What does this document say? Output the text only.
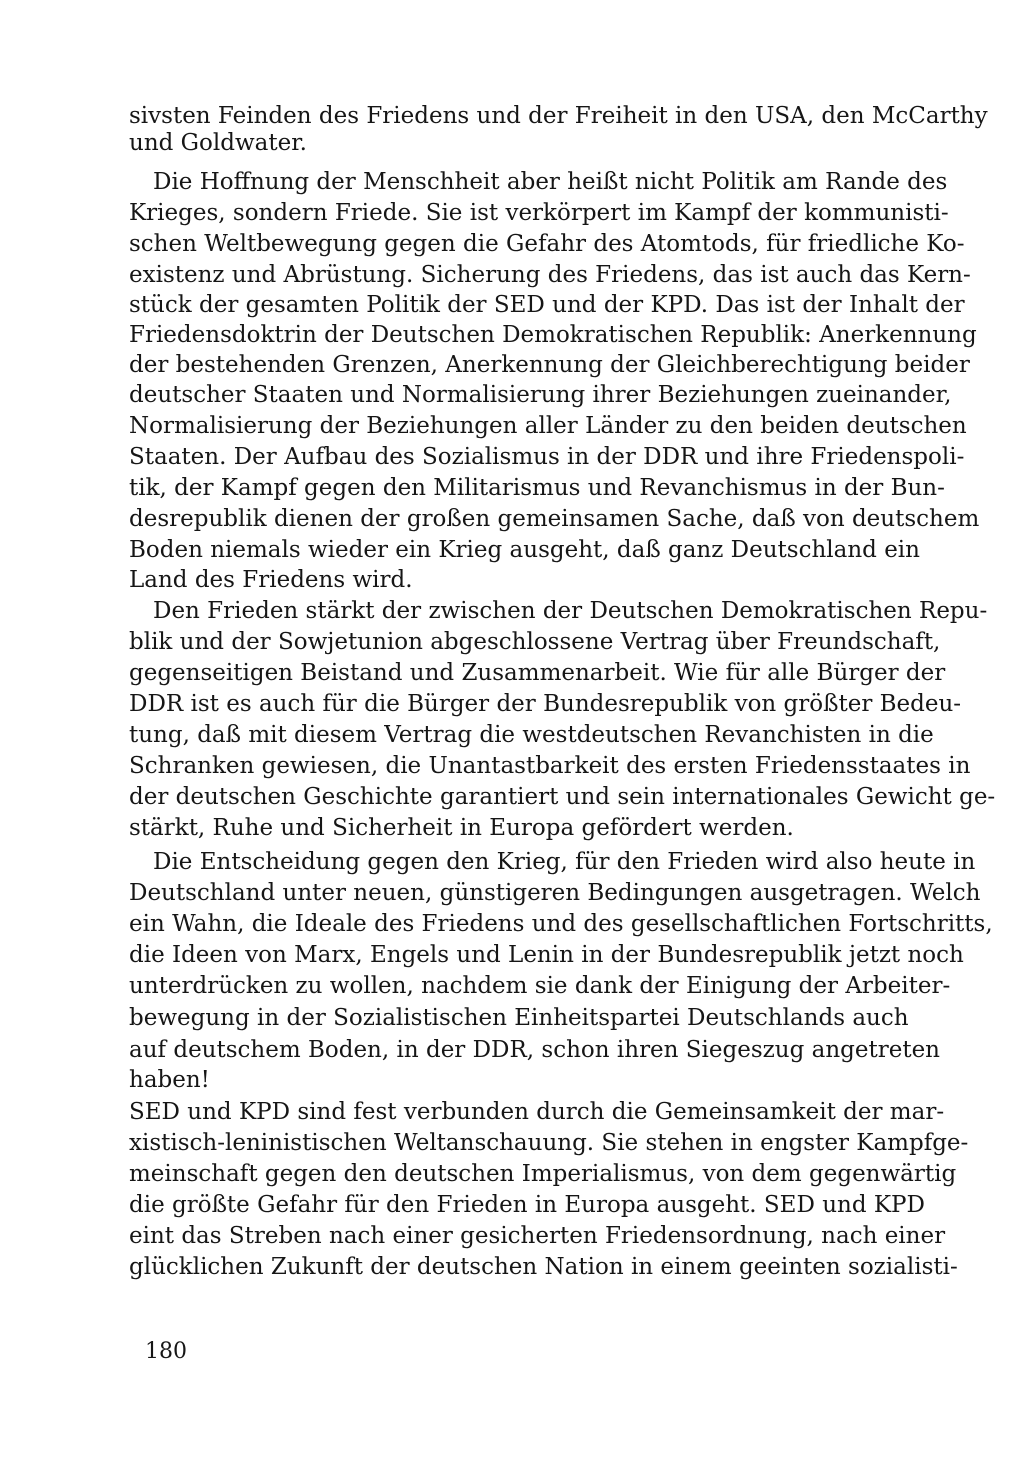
sivsten Feinden des Friedens und der Freiheit in den USA, den McCarthy
und Goldwater.
Die Hoffnung der Menschheit aber heißt nicht Politik am Rande des
Krieges, sondern Friede. Sie ist verkörpert im Kampf der kommunisti-
schen Weltbewegung gegen die Gefahr des Atomtods, für friedliche Ko-
existenz und Abrüstung. Sicherung des Friedens, das ist auch das Kern-
stück der gesamten Politik der SED und der KPD. Das ist der Inhalt der
Friedensdoktrin der Deutschen Demokratischen Republik: Anerkennung
der bestehenden Grenzen, Anerkennung der Gleichberechtigung beider
deutscher Staaten und Normalisierung ihrer Beziehungen zueinander,
Normalisierung der Beziehungen aller Länder zu den beiden deutschen
Staaten. Der Aufbau des Sozialismus in der DDR und ihre Friedenspoli-
tik, der Kampf gegen den Militarismus und Revanchismus in der Bun-
desrepublik dienen der großen gemeinsamen Sache, daß von deutschem
Boden niemals wieder ein Krieg ausgeht, daß ganz Deutschland ein
Land des Friedens wird.
Den Frieden stärkt der zwischen der Deutschen Demokratischen Repu-
blik und der Sowjetunion abgeschlossene Vertrag über Freundschaft,
gegenseitigen Beistand und Zusammenarbeit. Wie für alle Bürger der
DDR ist es auch für die Bürger der Bundesrepublik von größter Bedeu-
tung, daß mit diesem Vertrag die westdeutschen Revanchisten in die
Schranken gewiesen, die Unantastbarkeit des ersten Friedensstaates in
der deutschen Geschichte garantiert und sein internationales Gewicht ge-
stärkt, Ruhe und Sicherheit in Europa gefördert werden.
Die Entscheidung gegen den Krieg, für den Frieden wird also heute in
Deutschland unter neuen, günstigeren Bedingungen ausgetragen. Welch
ein Wahn, die Ideale des Friedens und des gesellschaftlichen Fortschritts,
die Ideen von Marx, Engels und Lenin in der Bundesrepublik jetzt noch
unterdrücken zu wollen, nachdem sie dank der Einigung der Arbeiter-
bewegung in der Sozialistischen Einheitspartei Deutschlands auch
auf deutschem Boden, in der DDR, schon ihren Siegeszug angetreten
haben!
SED und KPD sind fest verbunden durch die Gemeinsamkeit der mar-
xistisch-leninistischen Weltanschauung. Sie stehen in engster Kampfge-
meinschaft gegen den deutschen Imperialismus, von dem gegenwärtig
die größte Gefahr für den Frieden in Europa ausgeht. SED und KPD
eint das Streben nach einer gesicherten Friedensordnung, nach einer
glücklichen Zukunft der deutschen Nation in einem geeinten sozialisti-
180
